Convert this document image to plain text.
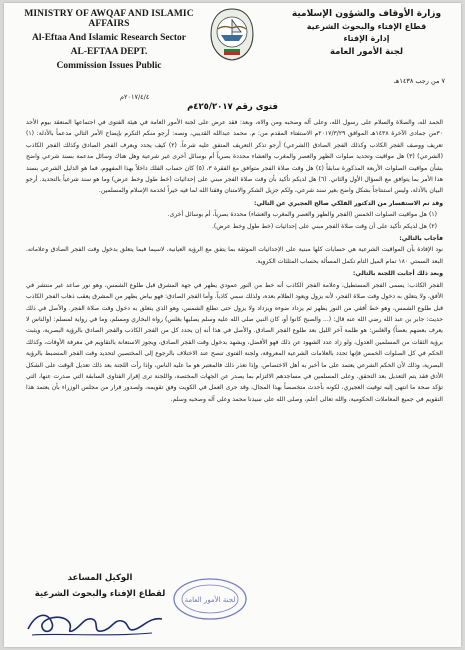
MINISTRY OF AWQAF AND ISLAMIC AFFAIRS
Al-Eftaa And Islamic Research Sector
AL-EFTAA DEPT.
Commission Issues Public
وزارة الأوقاف والشؤون الإسلامية
قطاع الإفتاء والبحوث الشرعية
إدارة الإفتاء
لجنة الأمور العامة
٧ من رجب ١٤٣٨هـ
٢٠١٧/٤/٤م
فتوى رقم ٤٢٥/٢٠١٧م

الحمد لله، والصلاة والسلام على رسول الله، وعلى آله وصحبه ومن والاه، وبعد: فقد عرض على لجنة الأمور العامة في هيئة الفتوى في اجتماعها المنعقد بيوم الأحد ٣٠من جمادى الآخرة ١٤٣٨هـ الموافق ٢٠١٧/٣/٢٩م الاستفتاء المقدم من: م. محمد عبدالله القديبي، ونصه: أرجو منكم التكرم بإيضاح الأمر التالي مدعماً بالأدلة: (١) تعريف ووصف الفجر الكاذب وكذلك الفجر الصادق (الشرعي) أرجو تذكر التعريف المتفق عليه شرعاً. (٢) كيف يحدد ويعرف الفجر الصادق وكذلك الفجر الكاذب (الشرعي) (٣) هل مواقيت وتحديد صلوات الظهر والعصر والمغرب والعشاء محددة بصرياً أم بوسائل أخرى غير شرعية وهل هناك وسائل مدعمة بسند شرعي واضح بشأن مواقيت الصلوات الأربعة المذكورة سابقاً (٤) هل وقت صلاة الفجر متوافق مع الفقرة ٣، (٥) كان حساب الفلك داخلاً بهذا المفهوم، فما هو الدليل الشرعي بسند هذا الأمر بما يتوافق مع السؤال الأول والثاني. (٦) هل لديكم تأكيد بأن وقت صلاة الفجر مبني على إحداثيات (خط طول وخط عرض) وما هو سند شرعياً بالتحديد. أرجو البيان بالأدلة، وليس استنتاجاً بشكل واضح بغير سند شرعي، ولكم جزيل الشكر والامتنان وفقنا الله لما فيه خيراً لخدمة الإسلام والمسلمين.

وقد تم الاستفسار من الدكتور الفلكي صالح العجيري عن التالي:

(١) هل مواقيت الصلوات الخمس (الفجر والظهر والعصر والمغرب والعشاء) محددة بصرياً، أم بوسائل أخرى.

(٢) هل لديكم تأكيد على أن وقت صلاة الفجر مبني على إحداثيات (خط طول وخط عرض).

فأجاب بالتالي:

نود الإفادة بأن المواقيت الشرعية هي حسابات كلها مبنية على الإحداثيات الموثقة بما يتفق مع الرؤية العيانية، لاسيما فيما يتعلق بدخول وقت الفجر الصادق وعلاماته. البعد السمتي ١٨٠ تمام الميل التام تكمل المسألة بحساب المثلثات الكروية.

وبعد ذلك أجابت اللجنة بالتالي:

الفجر الكاذب: يسمى الفجر المستطيل، وعلامة الفجر الكاذب أنه خط من النور عمودي يظهر في جهة المشرق قبل طلوع الشمس، وهو نور صاعد غير منتشر في الأفق، ولا يتعلق به دخول وقت صلاة الفجر، لأنه يزول ويعود الظلام بعده، ولذلك سمي كاذباً. وأما الفجر الصادق: فهو بياض يظهر من المشرق يعقب ذهاب الفجر الكاذب قبل طلوع الشمس، وهو خط أفقي من النور يظهر ثم يزداد ضوءه ويزداد ولا يزول حتى تطلع الشمس، وهو الذي يتعلق به دخول وقت صلاة الفجر. والأصل في ذلك حديث: جابر بن عبد الله رضي الله عنه قال: (... والصبح كانوا أو، كان النبي صلى الله عليه وسلم يصليها بغلس) رواه البخاري ومسلم، وما في رواية لمسلم: (والناس لا يعرف بعضهم بعضاً) والغلس: هو ظلمة آخر الليل بعد طلوع الفجر الصادق. والأصل في هذا أنه إن يحدد كل من الفجر الكاذب والفجر الصادق بالرؤية البصرية، ويثبت برؤية الثقات من المسلمين العدول، ولو زاد عدد الشهود عن ذلك فهو الأفضل، ويشهد بدخول وقت الفجر الصادق، ويجوز الاستعانة بالتقاويم في معرفة الأوقات، وكذلك الحكم في كل الصلوات الخمس فإنها تحدد بالعلامات الشرعية المعروفة، ولجنة الفتوى تنصح عند الاختلاف بالرجوع إلى المختصين لتحديد وقت الفجر المنضبط بالرؤية البصرية، وذلك لأن الحكم الشرعي يعتمد على ما أخبر به أهل الاختصاص. وإذا تعذر ذلك فالمعتبر هو ما عليه الناس، وإذا رأت اللجنة بعد ذلك تعديل الوقت على الشكل الأدق فقد يتم التعديل بعد التحقق. وعلى المسلمين في مساجدهم الالتزام بما يصدر عن الجهات المختصة، واللجنة ترى إقرار الفتاوى السابقة التي صدرت عنها، التي تؤكد صحة ما انتهى إليه توقيت العجيري، لكونه بأحدث متخصصاً بهذا المجال، وقد جرى العمل في الكويت وفق تقويمه، ولصدور قرار من مجلس الوزراء بأن يعتمد هذا التقويم في جميع المعاملات الحكومية، والله تعالى أعلم، وصلى الله على سيدنا محمد وعلى آله وصحبه وسلم.

الوكيل المساعد
لقطاع الإفتاء والبحوث الشرعية
لجنة الأمور العامة
